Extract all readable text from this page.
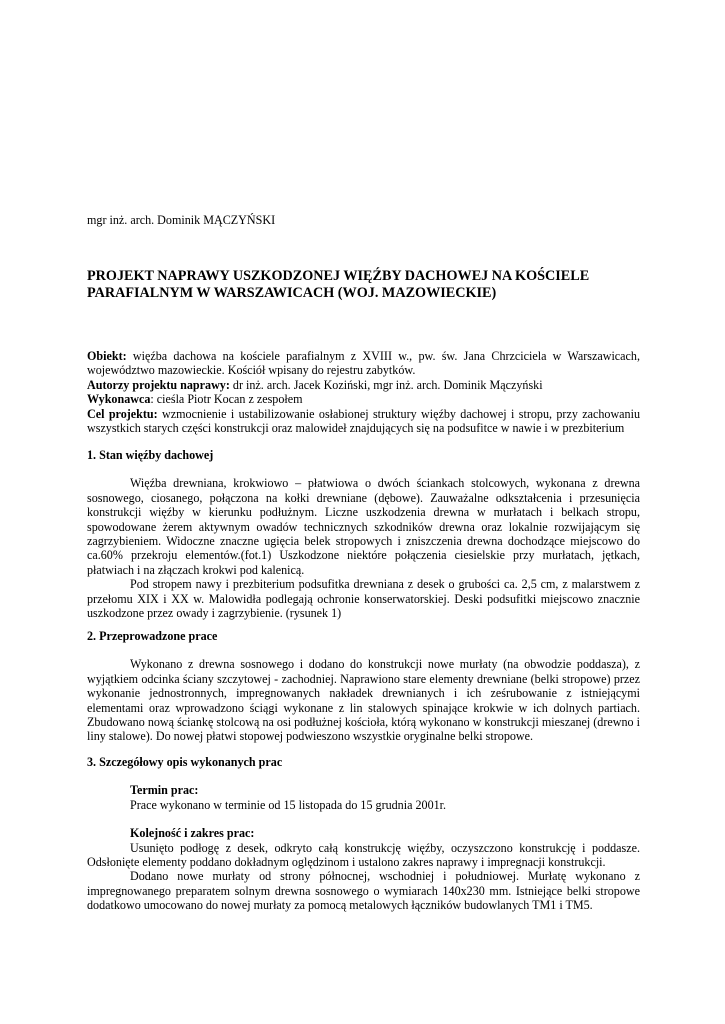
mgr inż. arch. Dominik MĄCZYŃSKI
PROJEKT NAPRAWY USZKODZONEJ WIĘŹBY DACHOWEJ NA KOŚCIELE PARAFIALNYM W WARSZAWICACH (WOJ. MAZOWIECKIE)

Obiekt: więźba dachowa na kościele parafialnym z XVIII w., pw. św. Jana Chrzciciela w Warszawicach, województwo mazowieckie. Kościół wpisany do rejestru zabytków.

Autorzy projektu naprawy: dr inż. arch. Jacek Koziński, mgr inż. arch. Dominik Mączyński

Wykonawca: cieśla Piotr Kocan z zespołem

Cel projektu: wzmocnienie i ustabilizowanie osłabionej struktury więźby dachowej i stropu, przy zachowaniu wszystkich starych części konstrukcji oraz malowideł znajdujących się na podsufitce w nawie i w prezbiterium

1. Stan więźby dachowej

Więźba drewniana, krokwiowo – płatwiowa o dwóch ściankach stolcowych, wykonana z drewna sosnowego, ciosanego, połączona na kołki drewniane (dębowe). Zauważalne odkształcenia i przesunięcia konstrukcji więźby w kierunku podłużnym. Liczne uszkodzenia drewna w murłatach i belkach stropu, spowodowane żerem aktywnym owadów technicznych szkodników drewna oraz lokalnie rozwijającym się zagrzybieniem. Widoczne znaczne ugięcia belek stropowych i zniszczenia drewna dochodzące miejscowo do ca.60% przekroju elementów.(fot.1) Uszkodzone niektóre połączenia ciesielskie przy murłatach, jętkach, płatwiach i na złączach krokwi pod kalenicą.

Pod stropem nawy i prezbiterium podsufitka drewniana z desek o grubości ca. 2,5 cm, z malarstwem z przełomu XIX i XX w. Malowidła podlegają ochronie konserwatorskiej. Deski podsufitki miejscowo znacznie uszkodzone przez owady i zagrzybienie. (rysunek 1)

2. Przeprowadzone prace

Wykonano z drewna sosnowego i dodano do konstrukcji nowe murłaty (na obwodzie poddasza), z wyjątkiem odcinka ściany szczytowej - zachodniej. Naprawiono stare elementy drewniane (belki stropowe) przez wykonanie jednostronnych, impregnowanych nakładek drewnianych i ich ześrubowanie z istniejącymi elementami oraz wprowadzono ściągi wykonane z lin stalowych spinające krokwie w ich dolnych partiach. Zbudowano nową ściankę stolcową na osi podłużnej kościoła, którą wykonano w konstrukcji mieszanej (drewno i liny stalowe). Do nowej płatwi stopowej podwieszono wszystkie oryginalne belki stropowe.

3. Szczegółowy opis wykonanych prac

Termin prac:

Prace wykonano w terminie od 15 listopada do 15 grudnia 2001r.

Kolejność i zakres prac:

Usunięto podłogę z desek, odkryto całą konstrukcję więźby, oczyszczono konstrukcję i poddasze. Odsłonięte elementy poddano dokładnym oględzinom i ustalono zakres naprawy i impregnacji konstrukcji.

Dodano nowe murłaty od strony północnej, wschodniej i południowej. Murłatę wykonano z impregnowanego preparatem solnym drewna sosnowego o wymiarach 140x230 mm. Istniejące belki stropowe dodatkowo umocowano do nowej murłaty za pomocą metalowych łączników budowlanych TM1 i TM5.
